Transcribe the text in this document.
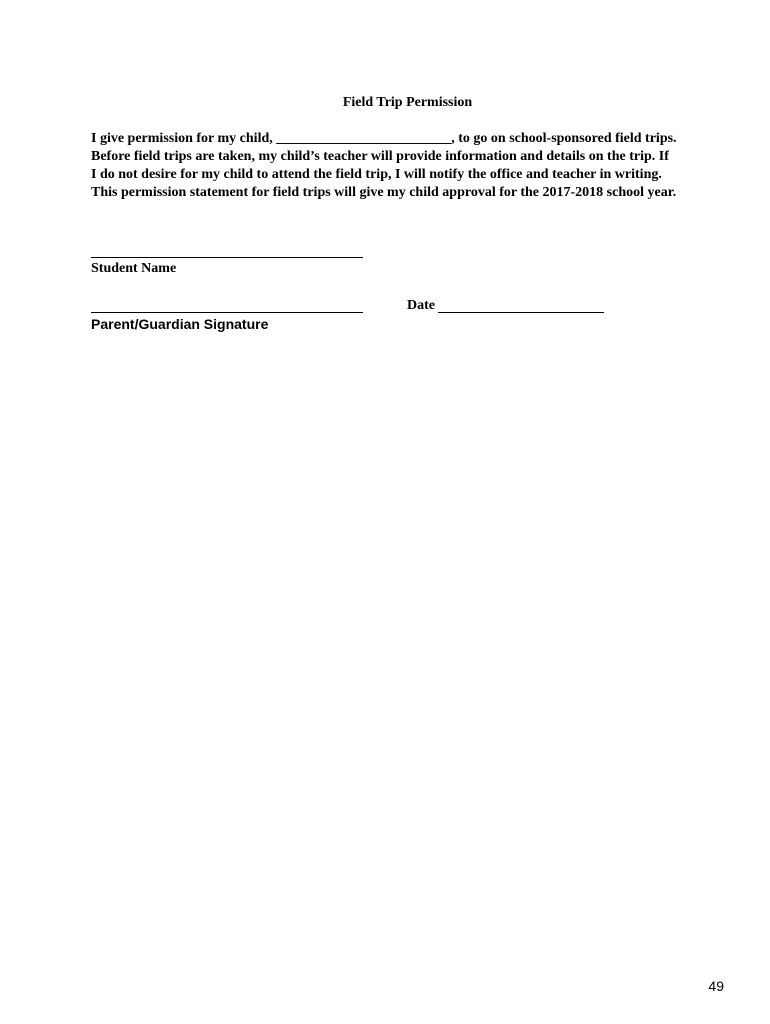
Field Trip Permission
I give permission for my child, _________________________, to go on school-sponsored field trips.
Before field trips are taken, my child’s teacher will provide information and details on the trip. If
I do not desire for my child to attend the field trip, I will notify the office and teacher in writing.
This permission statement for field trips will give my child approval for the 2017-2018 school year.
Student Name
Parent/Guardian Signature
Date
49
